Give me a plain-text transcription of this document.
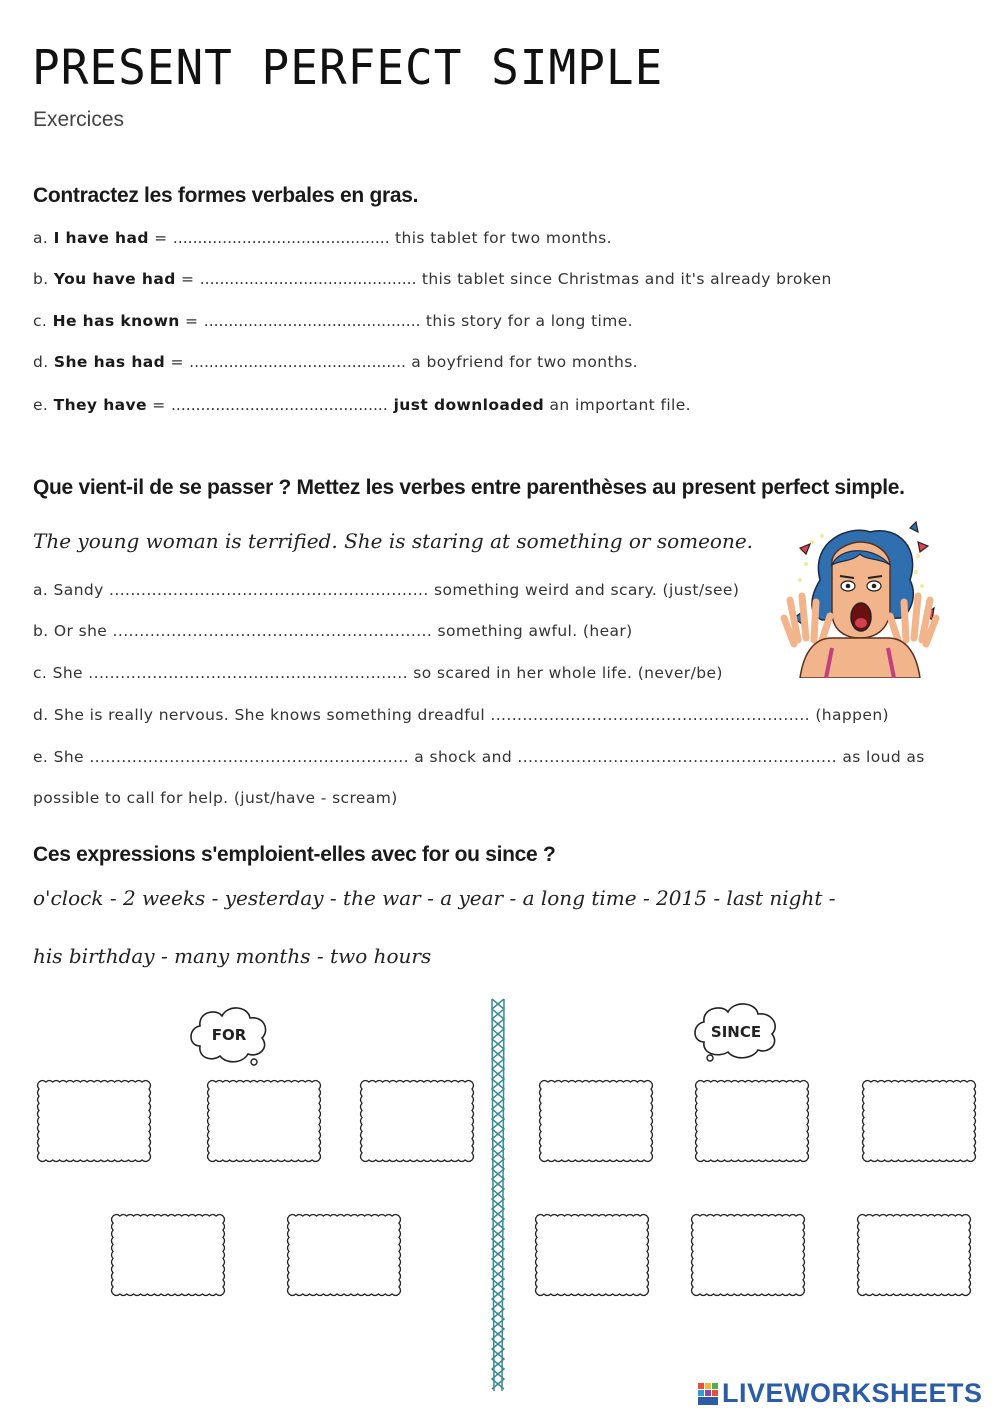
PRESENT PERFECT SIMPLE
Exercices
Contractez les formes verbales en gras.
a. I have had = ............................................ this tablet for two months.
b. You have had = ............................................ this tablet since Christmas and it's already broken
c. He has known = ............................................ this story for a long time.
d. She has had = ............................................ a boyfriend for two months.
e. They have = ............................................ just downloaded an important file.
Que vient-il de se passer ? Mettez les verbes entre parenthèses au present perfect simple.
The young woman is terrified. She is staring at something or someone.
a. Sandy ............................................................ something weird and scary. (just/see)
b. Or she ............................................................ something awful. (hear)
c. She ............................................................ so scared in her whole life. (never/be)
d. She is really nervous. She knows something dreadful ............................................................ (happen)
e. She ............................................................ a shock and ............................................................ as loud as
possible to call for help. (just/have - scream)
Ces expressions s'emploient-elles avec for ou since ?
o'clock - 2 weeks - yesterday - the war - a year - a long time - 2015 - last night -
his birthday - many months - two hours
FOR	SINCE
LIVEWORKSHEETS
